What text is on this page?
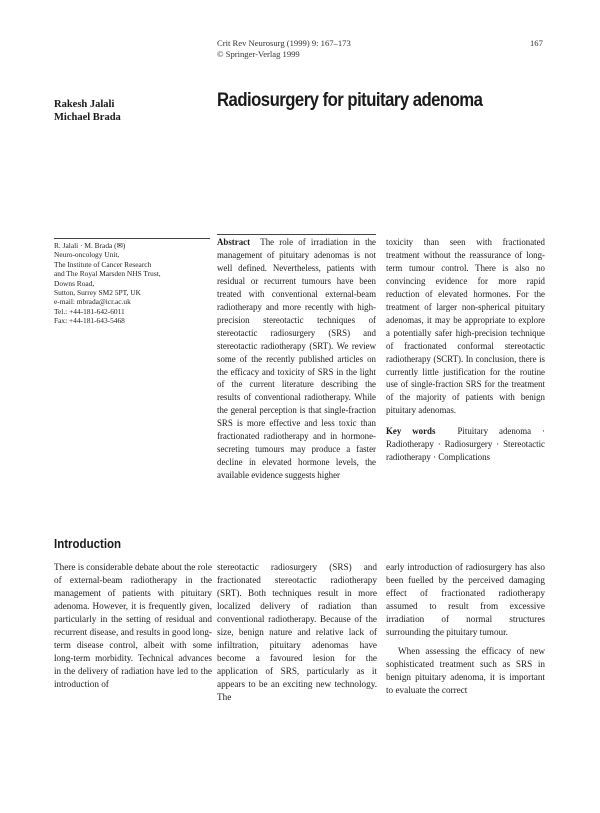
Crit Rev Neurosurg (1999) 9: 167–173
© Springer-Verlag 1999
167
Rakesh Jalali
Michael Brada
Radiosurgery for pituitary adenoma
R. Jalali · M. Brada (✉)
Neuro-oncology Unit,
The Institute of Cancer Research
and The Royal Marsden NHS Trust,
Downs Road,
Sutton, Surrey SM2 5PT, UK
e-mail: mbrada@icr.ac.uk
Tel.: +44-181-642-6011
Fax: +44-181-643-5468
Abstract The role of irradiation in the management of pituitary adenomas is not well defined. Nevertheless, patients with residual or recurrent tumours have been treated with conventional external-beam radiotherapy and more recently with high-precision stereotactic techniques of stereotactic radiosurgery (SRS) and stereotactic radiotherapy (SRT). We review some of the recently published articles on the efficacy and toxicity of SRS in the light of the current literature describing the results of conventional radiotherapy. While the general perception is that single-fraction SRS is more effective and less toxic than fractionated radiotherapy and in hormone-secreting tumours may produce a faster decline in elevated hormone levels, the available evidence suggests higher
toxicity than seen with fractionated treatment without the reassurance of long-term tumour control. There is also no convincing evidence for more rapid reduction of elevated hormones. For the treatment of larger non-spherical pituitary adenomas, it may be appropriate to explore a potentially safer high-precision technique of fractionated conformal stereotactic radiotherapy (SCRT). In conclusion, there is currently little justification for the routine use of single-fraction SRS for the treatment of the majority of patients with benign pituitary adenomas.
Key words Pituitary adenoma · Radiotherapy · Radiosurgery · Stereotactic radiotherapy · Complications
Introduction

There is considerable debate about the role of external-beam radiotherapy in the management of patients with pituitary adenoma. However, it is frequently given, particularly in the setting of residual and recurrent disease, and results in good long-term disease control, albeit with some long-term morbidity. Technical advances in the delivery of radiation have led to the introduction of

stereotactic radiosurgery (SRS) and fractionated stereotactic radiotherapy (SRT). Both techniques result in more localized delivery of radiation than conventional radiotherapy. Because of the size, benign nature and relative lack of infiltration, pituitary adenomas have become a favoured lesion for the application of SRS, particularly as it appears to be an exciting new technology. The

early introduction of radiosurgery has also been fuelled by the perceived damaging effect of fractionated radiotherapy assumed to result from excessive irradiation of normal structures surrounding the pituitary tumour.

When assessing the efficacy of new sophisticated treatment such as SRS in benign pituitary adenoma, it is important to evaluate the correct
